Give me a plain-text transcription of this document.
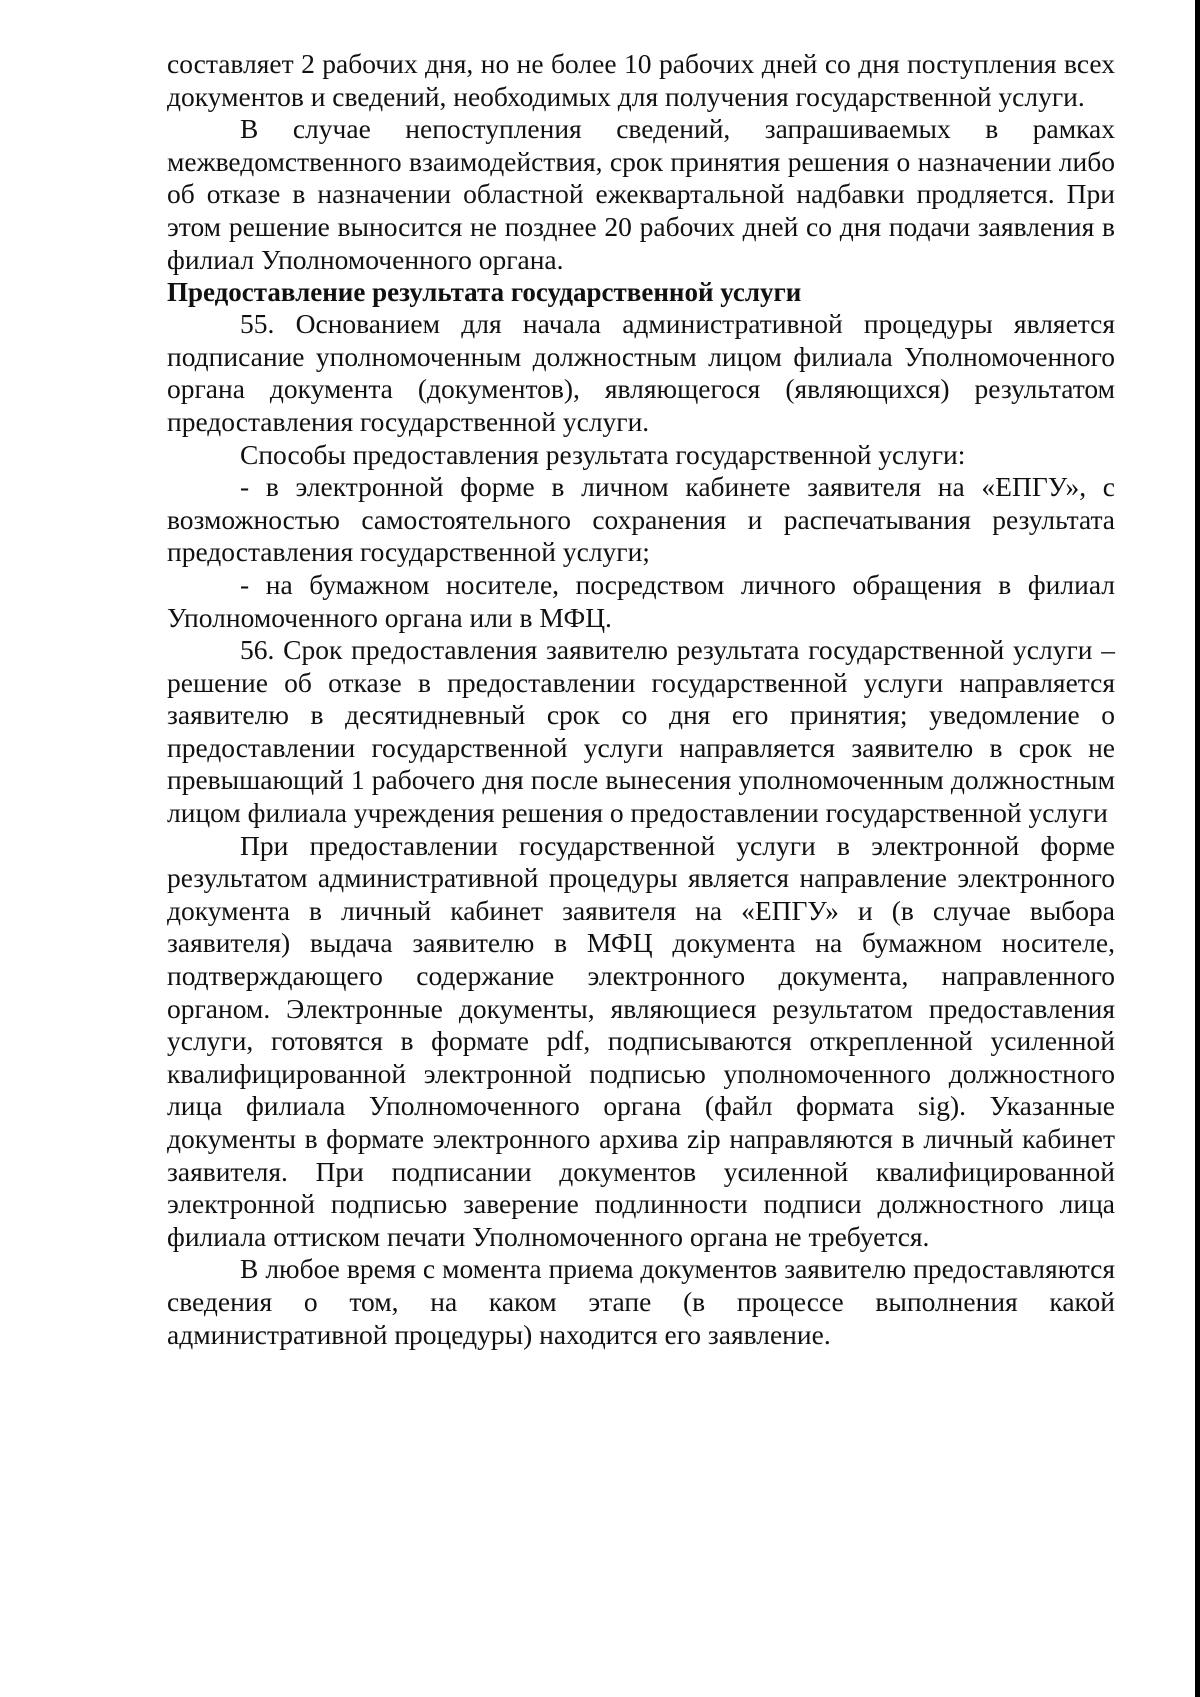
составляет 2 рабочих дня, но не более 10 рабочих дней со дня поступления всех документов и сведений, необходимых для получения государственной услуги.

В случае непоступления сведений, запрашиваемых в рамках межведомственного взаимодействия, срок принятия решения о назначении либо об отказе в назначении областной ежеквартальной надбавки продляется. При этом решение выносится не позднее 20 рабочих дней со дня подачи заявления в филиал Уполномоченного органа.

Предоставление результата государственной услуги

55. Основанием для начала административной процедуры является подписание уполномоченным должностным лицом филиала Уполномоченного органа документа (документов), являющегося (являющихся) результатом предоставления государственной услуги.

Способы предоставления результата государственной услуги:

- в электронной форме в личном кабинете заявителя на «ЕПГУ», с возможностью самостоятельного сохранения и распечатывания результата предоставления государственной услуги;

- на бумажном носителе, посредством личного обращения в филиал Уполномоченного органа или в МФЦ.

56. Срок предоставления заявителю результата государственной услуги – решение об отказе в предоставлении государственной услуги направляется заявителю в десятидневный срок со дня его принятия; уведомление о предоставлении государственной услуги направляется заявителю в срок не превышающий 1 рабочего дня после вынесения уполномоченным должностным лицом филиала учреждения решения о предоставлении государственной услуги

При предоставлении государственной услуги в электронной форме результатом административной процедуры является направление электронного документа в личный кабинет заявителя на «ЕПГУ» и (в случае выбора заявителя) выдача заявителю в МФЦ документа на бумажном носителе, подтверждающего содержание электронного документа, направленного органом. Электронные документы, являющиеся результатом предоставления услуги, готовятся в формате pdf, подписываются открепленной усиленной квалифицированной электронной подписью уполномоченного должностного лица филиала Уполномоченного органа (файл формата sig). Указанные документы в формате электронного архива zip направляются в личный кабинет заявителя. При подписании документов усиленной квалифицированной электронной подписью заверение подлинности подписи должностного лица филиала оттиском печати Уполномоченного органа не требуется.

В любое время с момента приема документов заявителю предоставляются сведения о том, на каком этапе (в процессе выполнения какой административной процедуры) находится его заявление.
